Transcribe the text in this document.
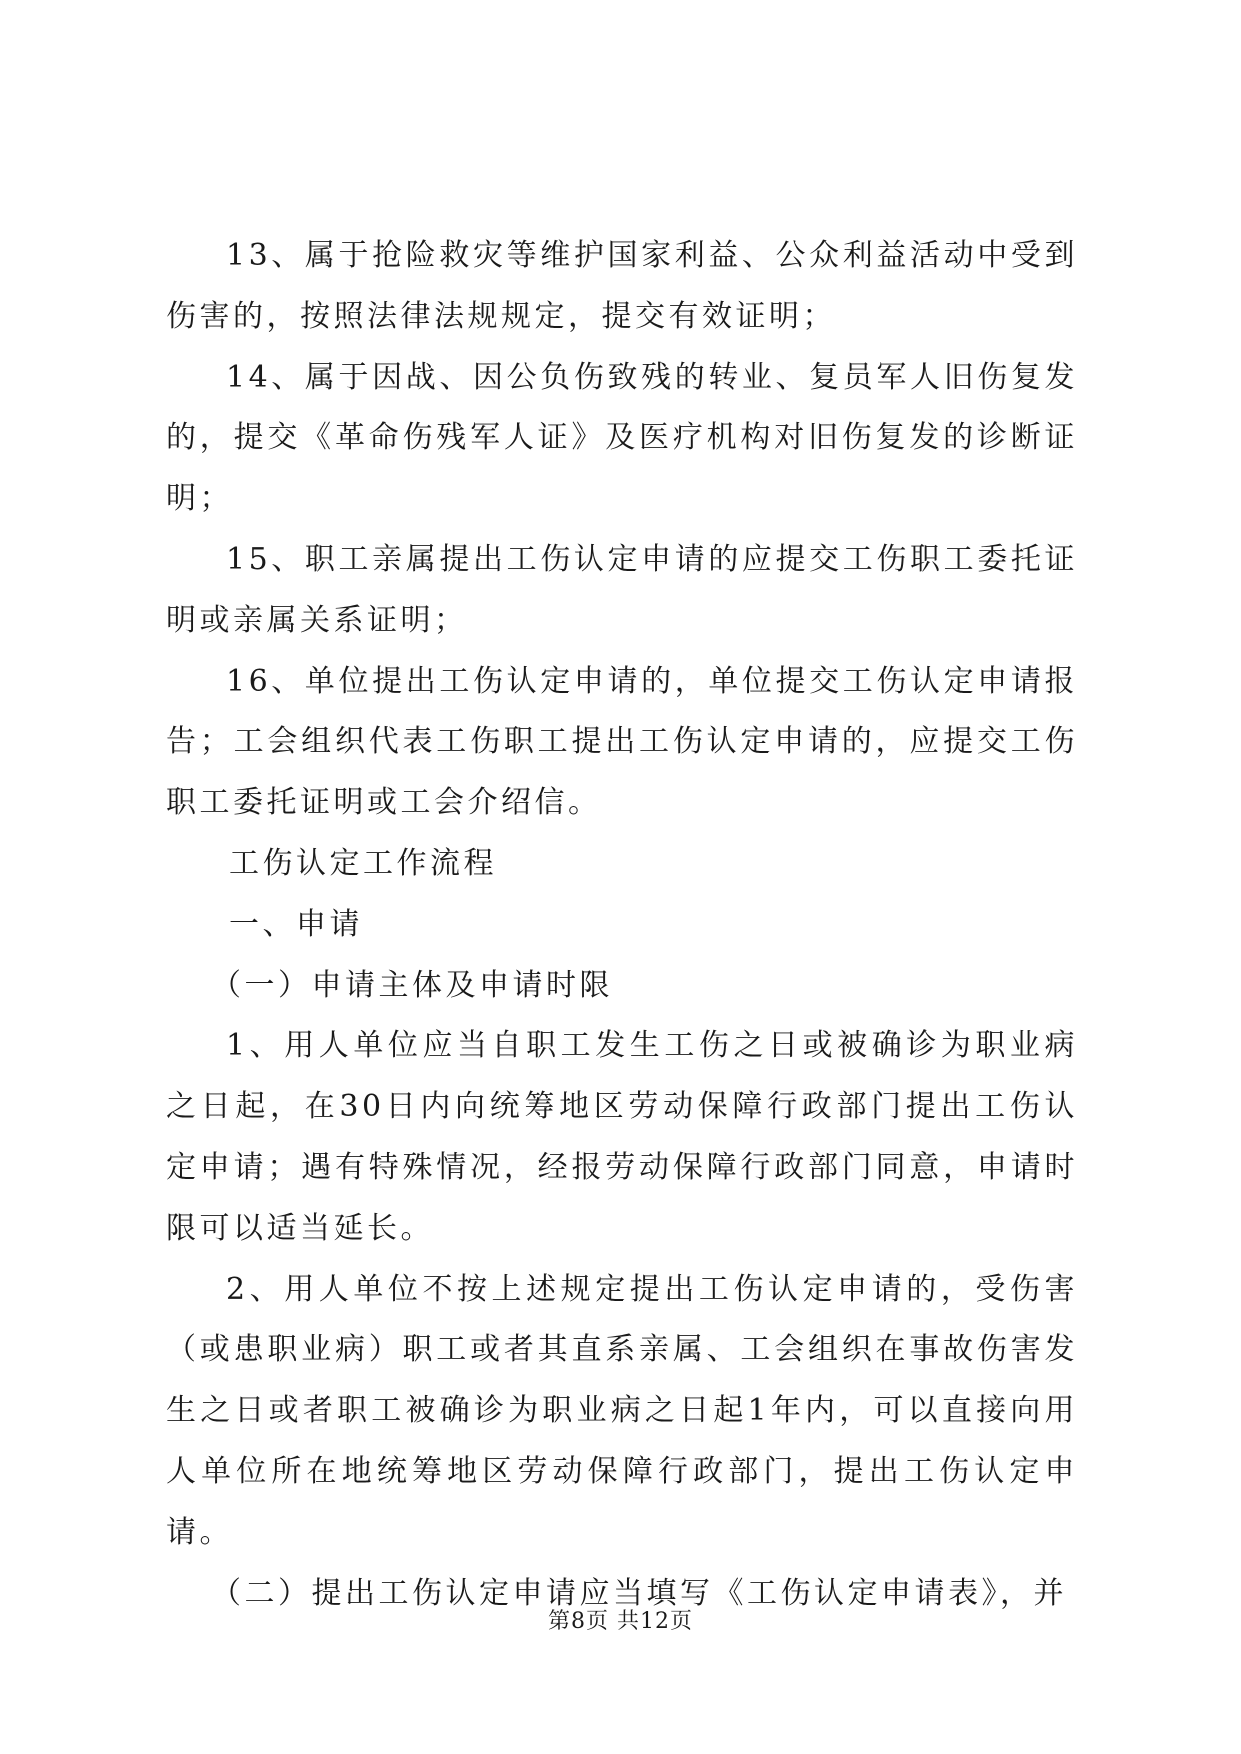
13、属于抢险救灾等维护国家利益、公众利益活动中受到伤害的，按照法律法规规定，提交有效证明；

14、属于因战、因公负伤致残的转业、复员军人旧伤复发的，提交《革命伤残军人证》及医疗机构对旧伤复发的诊断证明；

15、职工亲属提出工伤认定申请的应提交工伤职工委托证明或亲属关系证明；

16、单位提出工伤认定申请的，单位提交工伤认定申请报告；工会组织代表工伤职工提出工伤认定申请的，应提交工伤职工委托证明或工会介绍信。

工伤认定工作流程

一、申请

（一）申请主体及申请时限

1、用人单位应当自职工发生工伤之日或被确诊为职业病之日起，在30日内向统筹地区劳动保障行政部门提出工伤认定申请；遇有特殊情况，经报劳动保障行政部门同意，申请时限可以适当延长。

2、用人单位不按上述规定提出工伤认定申请的，受伤害（或患职业病）职工或者其直系亲属、工会组织在事故伤害发生之日或者职工被确诊为职业病之日起1年内，可以直接向用人单位所在地统筹地区劳动保障行政部门，提出工伤认定申请。

（二）提出工伤认定申请应当填写《工伤认定申请表》，并

第8页 共12页
